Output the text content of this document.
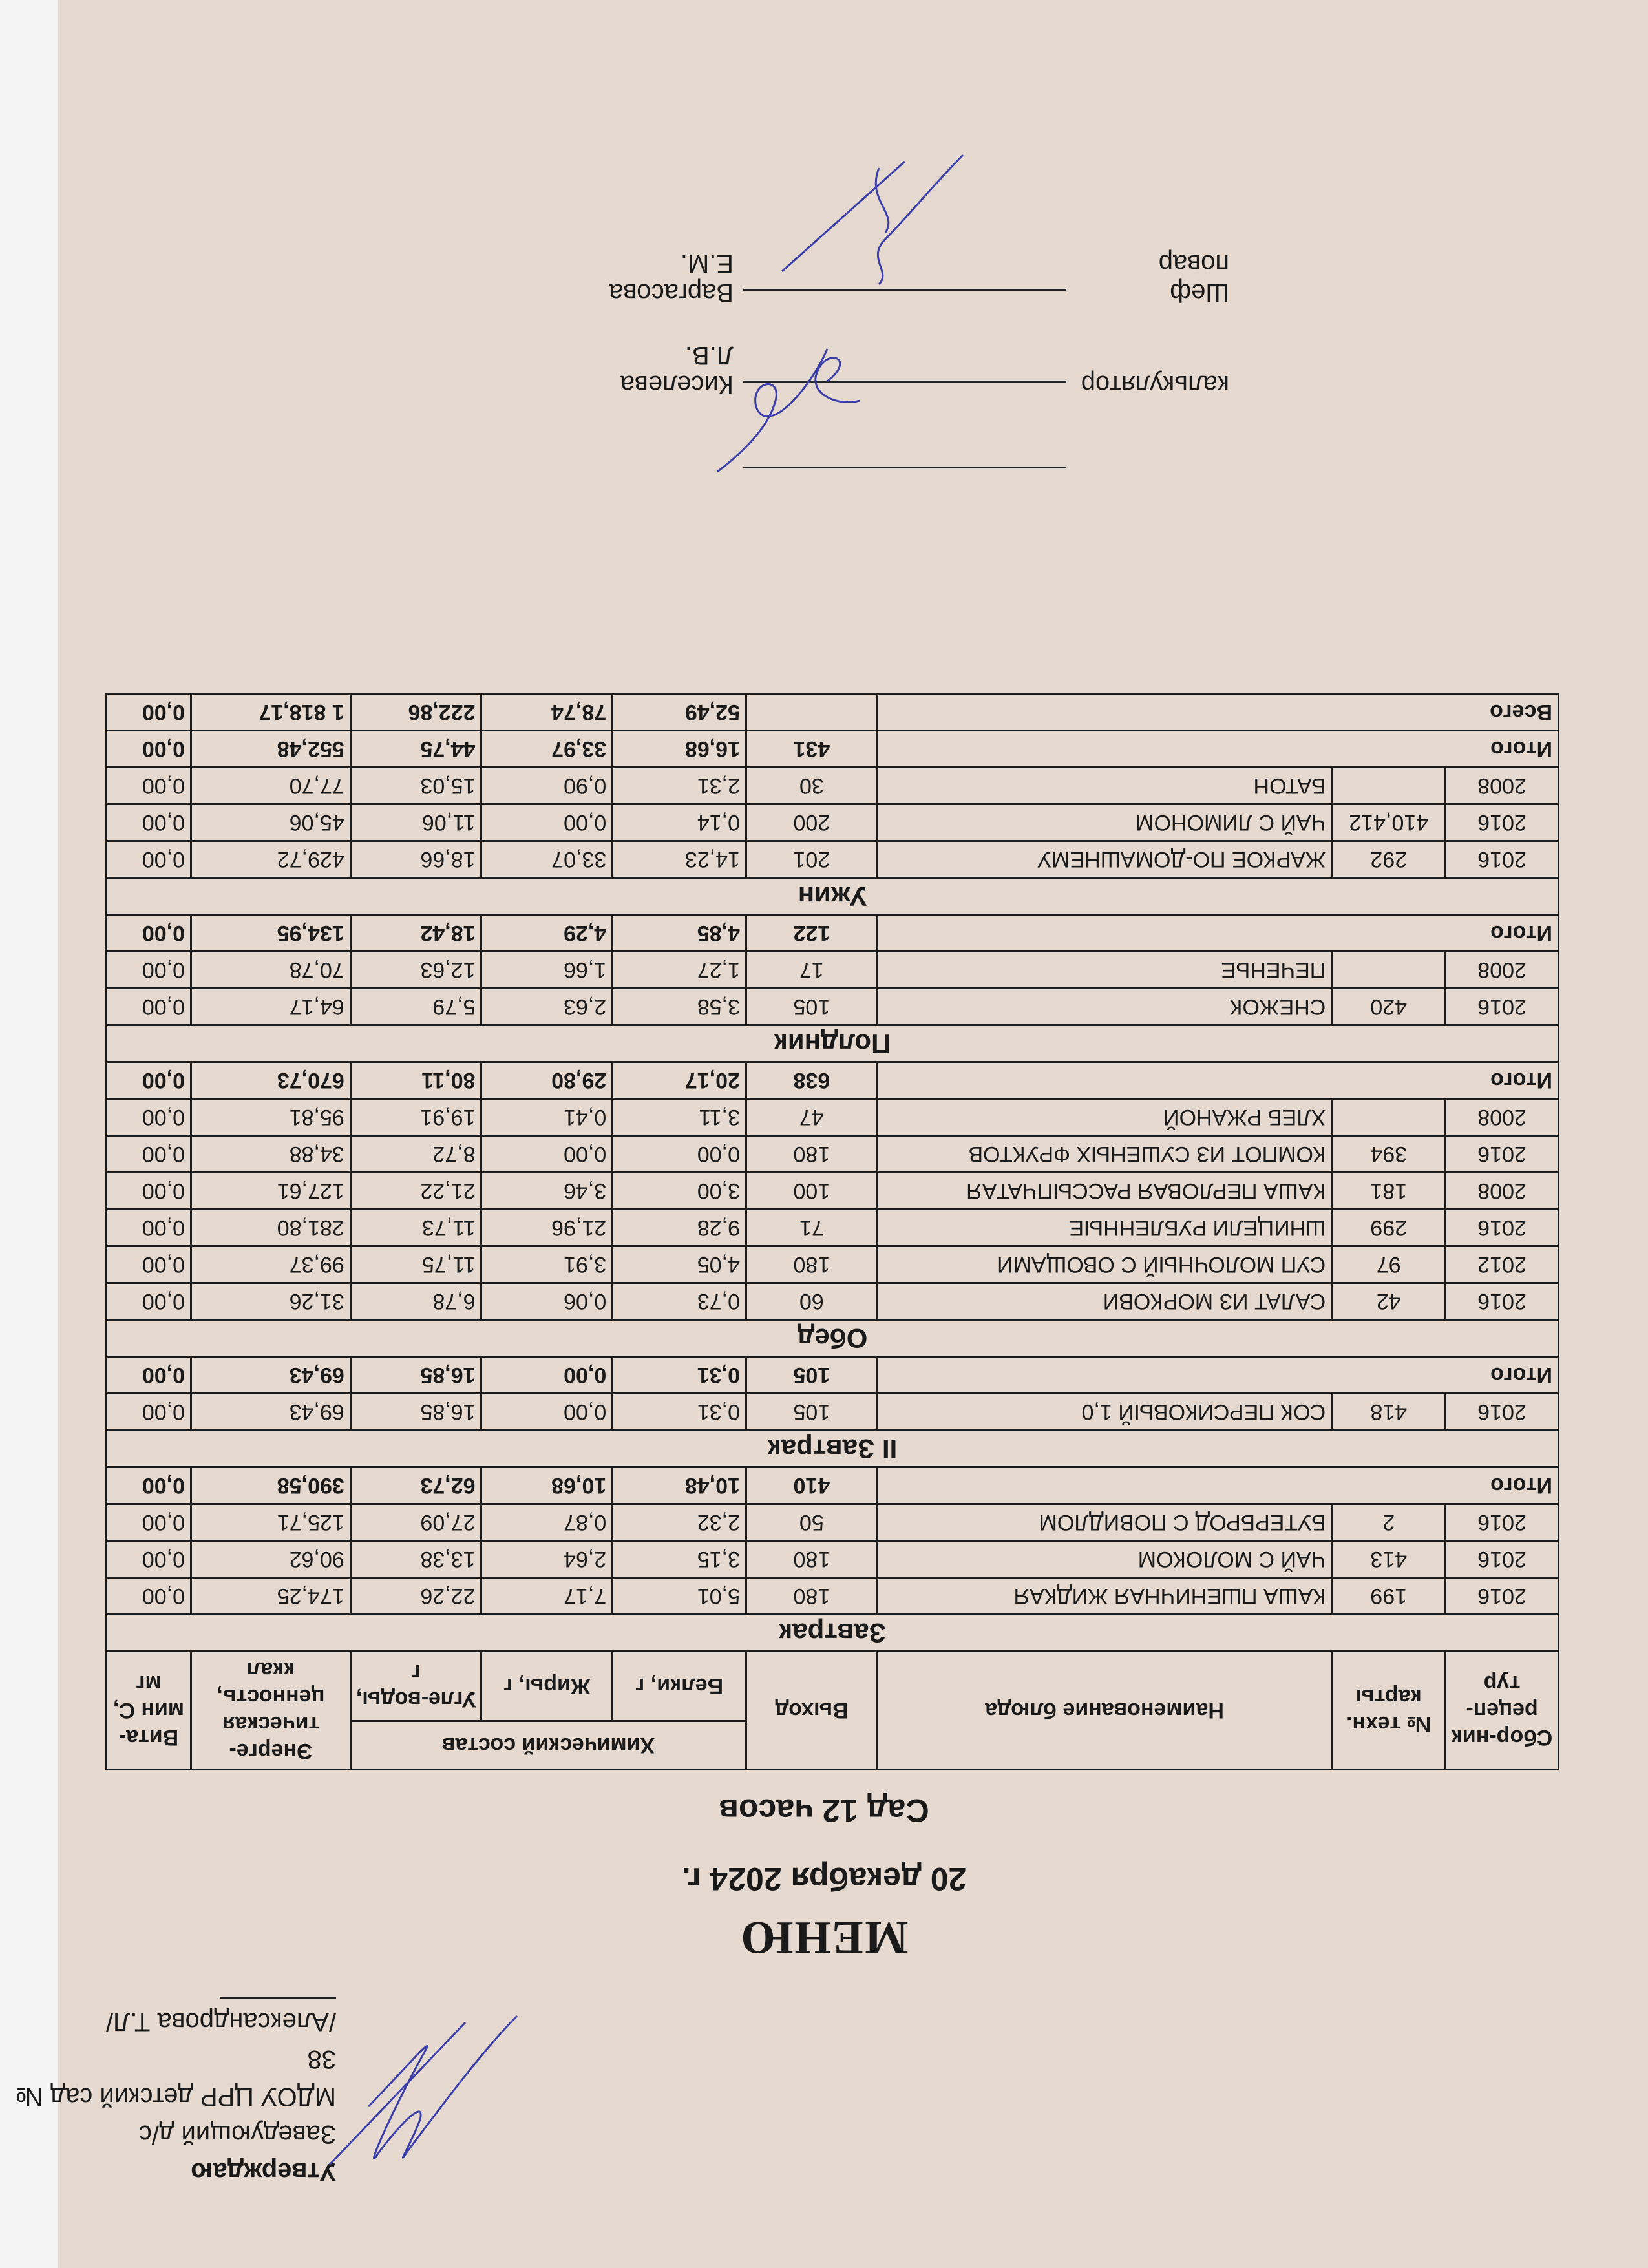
Утверждаю
Заведующий д/с
МДОУ ЦРР детский сад № 38
/Александрова Т.Л/
МЕНЮ
20 декабря 2024 г.
Сад 12 часов
Сбор-ник рецеп-тур	№ техн. карты	Наименование блюда	Выход	Химический состав			Энерге-тическая ценность, ккал	Вита-мин С, мг
				Белки, г	Жиры, г	Угле-воды, г		
Завтрак								
2016	199	КАША ПШЕНИЧНАЯ ЖИДКАЯ	180	5,01	7,17	22,26	174,25	0,00
2016	413	ЧАЙ С МОЛОКОМ	180	3,15	2,64	13,38	90,62	0,00
2016	2	БУТЕРБРОД С ПОВИДЛОМ	50	2,32	0,87	27,09	125,71	0,00
Итого			410	10,48	10,68	62,73	390,58	0,00
II Завтрак								
2016	418	СОК ПЕРСИКОВЫЙ 1,0	105	0,31	0,00	16,85	69,43	0,00
Итого			105	0,31	0,00	16,85	69,43	0,00
Обед								
2016	42	САЛАТ ИЗ МОРКОВИ	60	0,73	0,06	6,78	31,26	0,00
2012	97	СУП МОЛОЧНЫЙ С ОВОЩАМИ	180	4,05	3,91	11,75	99,37	0,00
2016	299	ШНИЦЕЛИ РУБЛЕННЫЕ	71	9,28	21,96	11,73	281,80	0,00
2008	181	КАША ПЕРЛОВАЯ РАССЫПЧАТАЯ	100	3,00	3,46	21,22	127,61	0,00
2016	394	КОМПОТ ИЗ СУШЕНЫХ ФРУКТОВ	180	0,00	0,00	8,72	34,88	0,00
2008		ХЛЕБ РЖАНОЙ	47	3,11	0,41	19,91	95,81	0,00
Итого			638	20,17	29,80	80,11	670,73	0,00
Полдник								
2016	420	СНЕЖОК	105	3,58	2,63	5,79	64,17	0,00
2008		ПЕЧЕНЬЕ	17	1,27	1,66	12,63	70,78	0,00
Итого			122	4,85	4,29	18,42	134,95	0,00
Ужин								
2016	292	ЖАРКОЕ ПО-ДОМАШНЕМУ	201	14,23	33,07	18,66	429,72	0,00
2016	410,412	ЧАЙ С ЛИМОНОМ	200	0,14	0,00	11,06	45,06	0,00
2008		БАТОН	30	2,31	0,90	15,03	77,70	0,00
Итого			431	16,68	33,97	44,75	552,48	0,00
Всего				52,49	78,74	222,86	1 818,17	0,00
калькулятор
Киселева Л.В.
Шеф повар
Варгасова Е.М.
